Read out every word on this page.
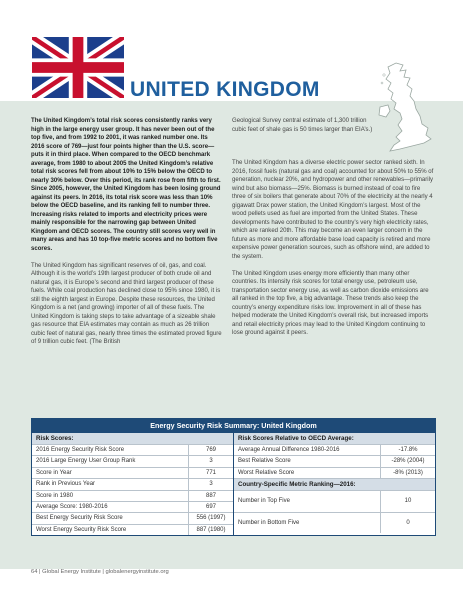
UNITED KINGDOM

The United Kingdom’s total risk scores consistently ranks very high in the large energy user group. It has never been out of the top five, and from 1992 to 2001, it was ranked number one. Its 2016 score of 769—just four points higher than the U.S. score—puts it in third place. When compared to the OECD benchmark average, from 1980 to about 2005 the United Kingdom’s relative total risk scores fell from about 10% to 15% below the OECD to nearly 30% below. Over this period, its rank rose from fifth to first. Since 2005, however, the United Kingdom has been losing ground against its peers. In 2016, its total risk score was less than 10% below the OECD baseline, and its ranking fell to number three. Increasing risks related to imports and electricity prices were mainly responsible for the narrowing gap between United Kingdom and OECD scores. The country still scores very well in many areas and has 10 top-five metric scores and no bottom five scores.

The United Kingdom has significant reserves of oil, gas, and coal. Although it is the world’s 19th largest producer of both crude oil and natural gas, it is Europe’s second and third largest producer of these fuels. While coal production has declined close to 95% since 1980, it is still the eighth largest in Europe. Despite these resources, the United Kingdom is a net (and growing) importer of all of these fuels. The United Kingdom is taking steps to take advantage of a sizeable shale gas resource that EIA estimates may contain as much as 26 trillion cubic feet of natural gas, nearly three times the estimated proved figure of 9 trillion cubic feet. (The British

Geological Survey central estimate of 1,300 trillion cubic feet of shale gas is 50 times larger than EIA’s.)

The United Kingdom has a diverse electric power sector ranked sixth. In 2016, fossil fuels (natural gas and coal) accounted for about 50% to 55% of generation, nuclear 20%, and hydropower and other renewables—primarily wind but also biomass—25%. Biomass is burned instead of coal to fire three of six boilers that generate about 70% of the electricity at the nearly 4 gigawatt Drax power station, the United Kingdom’s largest. Most of the wood pellets used as fuel are imported from the United States. These developments have contributed to the country’s very high electricity rates, which are ranked 20th. This may become an even larger concern in the future as more and more affordable base load capacity is retired and more expensive power generation sources, such as offshore wind, are added to the system.

The United Kingdom uses energy more efficiently than many other countries. Its intensity risk scores for total energy use, petroleum use, transportation sector energy use, as well as carbon dioxide emissions are all ranked in the top five, a big advantage. These trends also keep the country’s energy expenditure risks low. Improvement in all of these has helped moderate the United Kingdom’s overall risk, but increased imports and retail electricity prices may lead to the United Kingdom continuing to lose ground against it peers.

Energy Security Risk Summary: United Kingdom
Risk Scores:
2016 Energy Security Risk Score	769
2016 Large Energy User Group Rank	3
Score in Year	771
Rank in Previous Year	3
Score in 1980	887
Average Score: 1980-2016	697
Best Energy Security Risk Score	556 (1997)
Worst Energy Security Risk Score	887 (1980)
Risk Scores Relative to OECD Average:
Average Annual Difference 1980-2016	-17.8%
Best Relative Score	-28% (2004)
Worst Relative Score	-8% (2013)
Country-Specific Metric Ranking—2016:
Number in Top Five	10
Number in Bottom Five	0
64 | Global Energy Institute | globalenergyinstitute.org
